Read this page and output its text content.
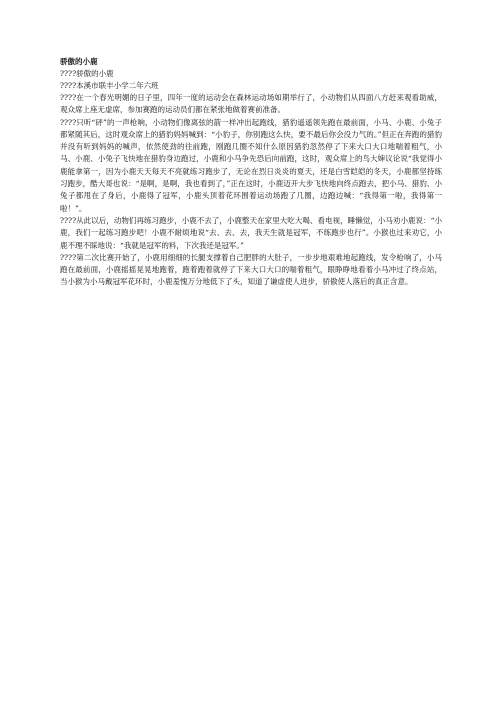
骄傲的小鹿

????骄傲的小鹿

????本溪市联丰小学二年六班

????在一个春光明媚的日子里，四年一度的运动会在森林运动场如期举行了，小动物们从四面八方赶来观看助威，观众席上座无虚席，参加赛跑的运动员们都在紧张地做着赛前准备。

????只听“砰”的一声枪响，小动物们像离弦的箭一样冲出起跑线，猎豹遥遥领先跑在最前面，小马、小鹿、小兔子都紧随其后，这时观众席上的猎豹妈妈喊到：“小豹子，你别跑这么快，要不最后你会没力气的。”但正在奔跑的猎豹并没有听到妈妈的喊声，依然使劲的往前跑，刚跑几圈不知什么原因猎豹忽然停了下来大口大口地喘着粗气，小马、小鹿、小兔子飞快地在猎豹身边跑过，小鹿和小马争先恐后向前跑，这时，观众席上的鸟大婶议论说“我觉得小鹿能拿第一，因为小鹿天天每天不亮就练习跑步了，无论在烈日炎炎的夏天，还是白雪皑皑的冬天，小鹿都坚持练习跑步，酷大哥也说：“是啊，是啊，我也看到了，”正在这时，小鹿迈开大步飞快地向终点跑去，把小马、猎豹、小兔子都甩在了身后，小鹿得了冠军，小鹿头顶着花环围着运动场跑了几圈，边跑边喊：“我得第一啦，我得第一啦！”。

????从此以后，动物们再练习跑步，小鹿不去了，小鹿整天在家里大吃大喝、看电视，睡懒觉，小马劝小鹿说：“小鹿，我们一起练习跑步吧！小鹿不耐烦地说“去、去、去，我天生就是冠军，不练跑步也行”。小猴也过来劝它，小鹿不理不睬地说：“我就是冠军的料，下次我还是冠军。”

????第二次比赛开始了，小鹿用细细的长腿支撑着自己肥胖的大肚子，一步步地艰难地起跑线，发令枪响了，小马跑在最前面，小鹿摇摇晃晃地跑着，跑着跑着就停了下来大口大口的喘着粗气，眼睁睁地看着小马冲过了终点站，当小猴为小马戴冠军花环时，小鹿羞愧万分地低下了头，知道了谦虚使人进步，骄傲使人落后的真正含意。
